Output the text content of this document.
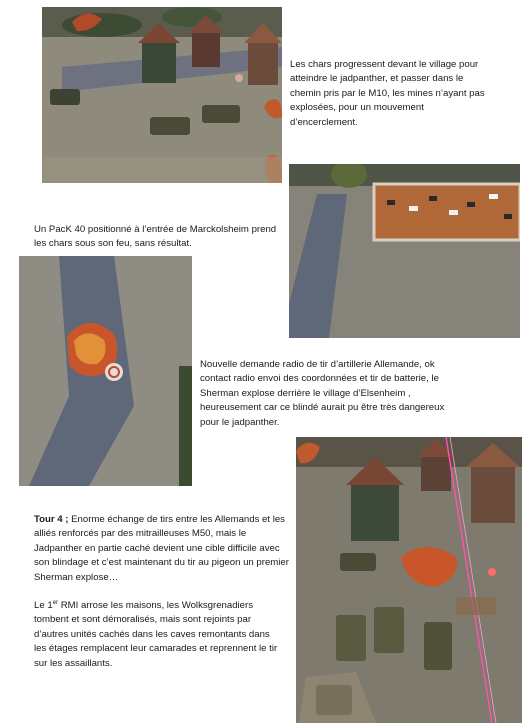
Les chars progressent devant le village pour atteindre le jadpanther, et passer dans le chemin pris par le M10, les mines n’ayant pas explosées, pour un mouvement d’encerclement.

Un PacK 40 positionné à l’entrée de Marckolsheim prend les chars sous son feu, sans résultat.

Nouvelle demande radio de tir d’artillerie Allemande, ok contact radio envoi des coordonnées et tir de batterie, le Sherman explose derrière le village d’Elsenheim , heureusement car ce blindé aurait pu être très dangereux pour le jadpanther.

Tour 4 ; Enorme échange de tirs entre les Allemands et les alliés renforcés par des mitrailleuses M50, mais le Jadpanther en partie caché devient une cible difficile avec son blindage et c’est maintenant du tir au pigeon un premier Sherman explose…
Le 1er RMI arrose les maisons, les Wolksgrenadiers tombent et sont démoralisés, mais sont rejoints par d’autres unités cachés dans les caves remontants dans les étages remplacent leur camarades et reprennent le tir sur les assaillants.
